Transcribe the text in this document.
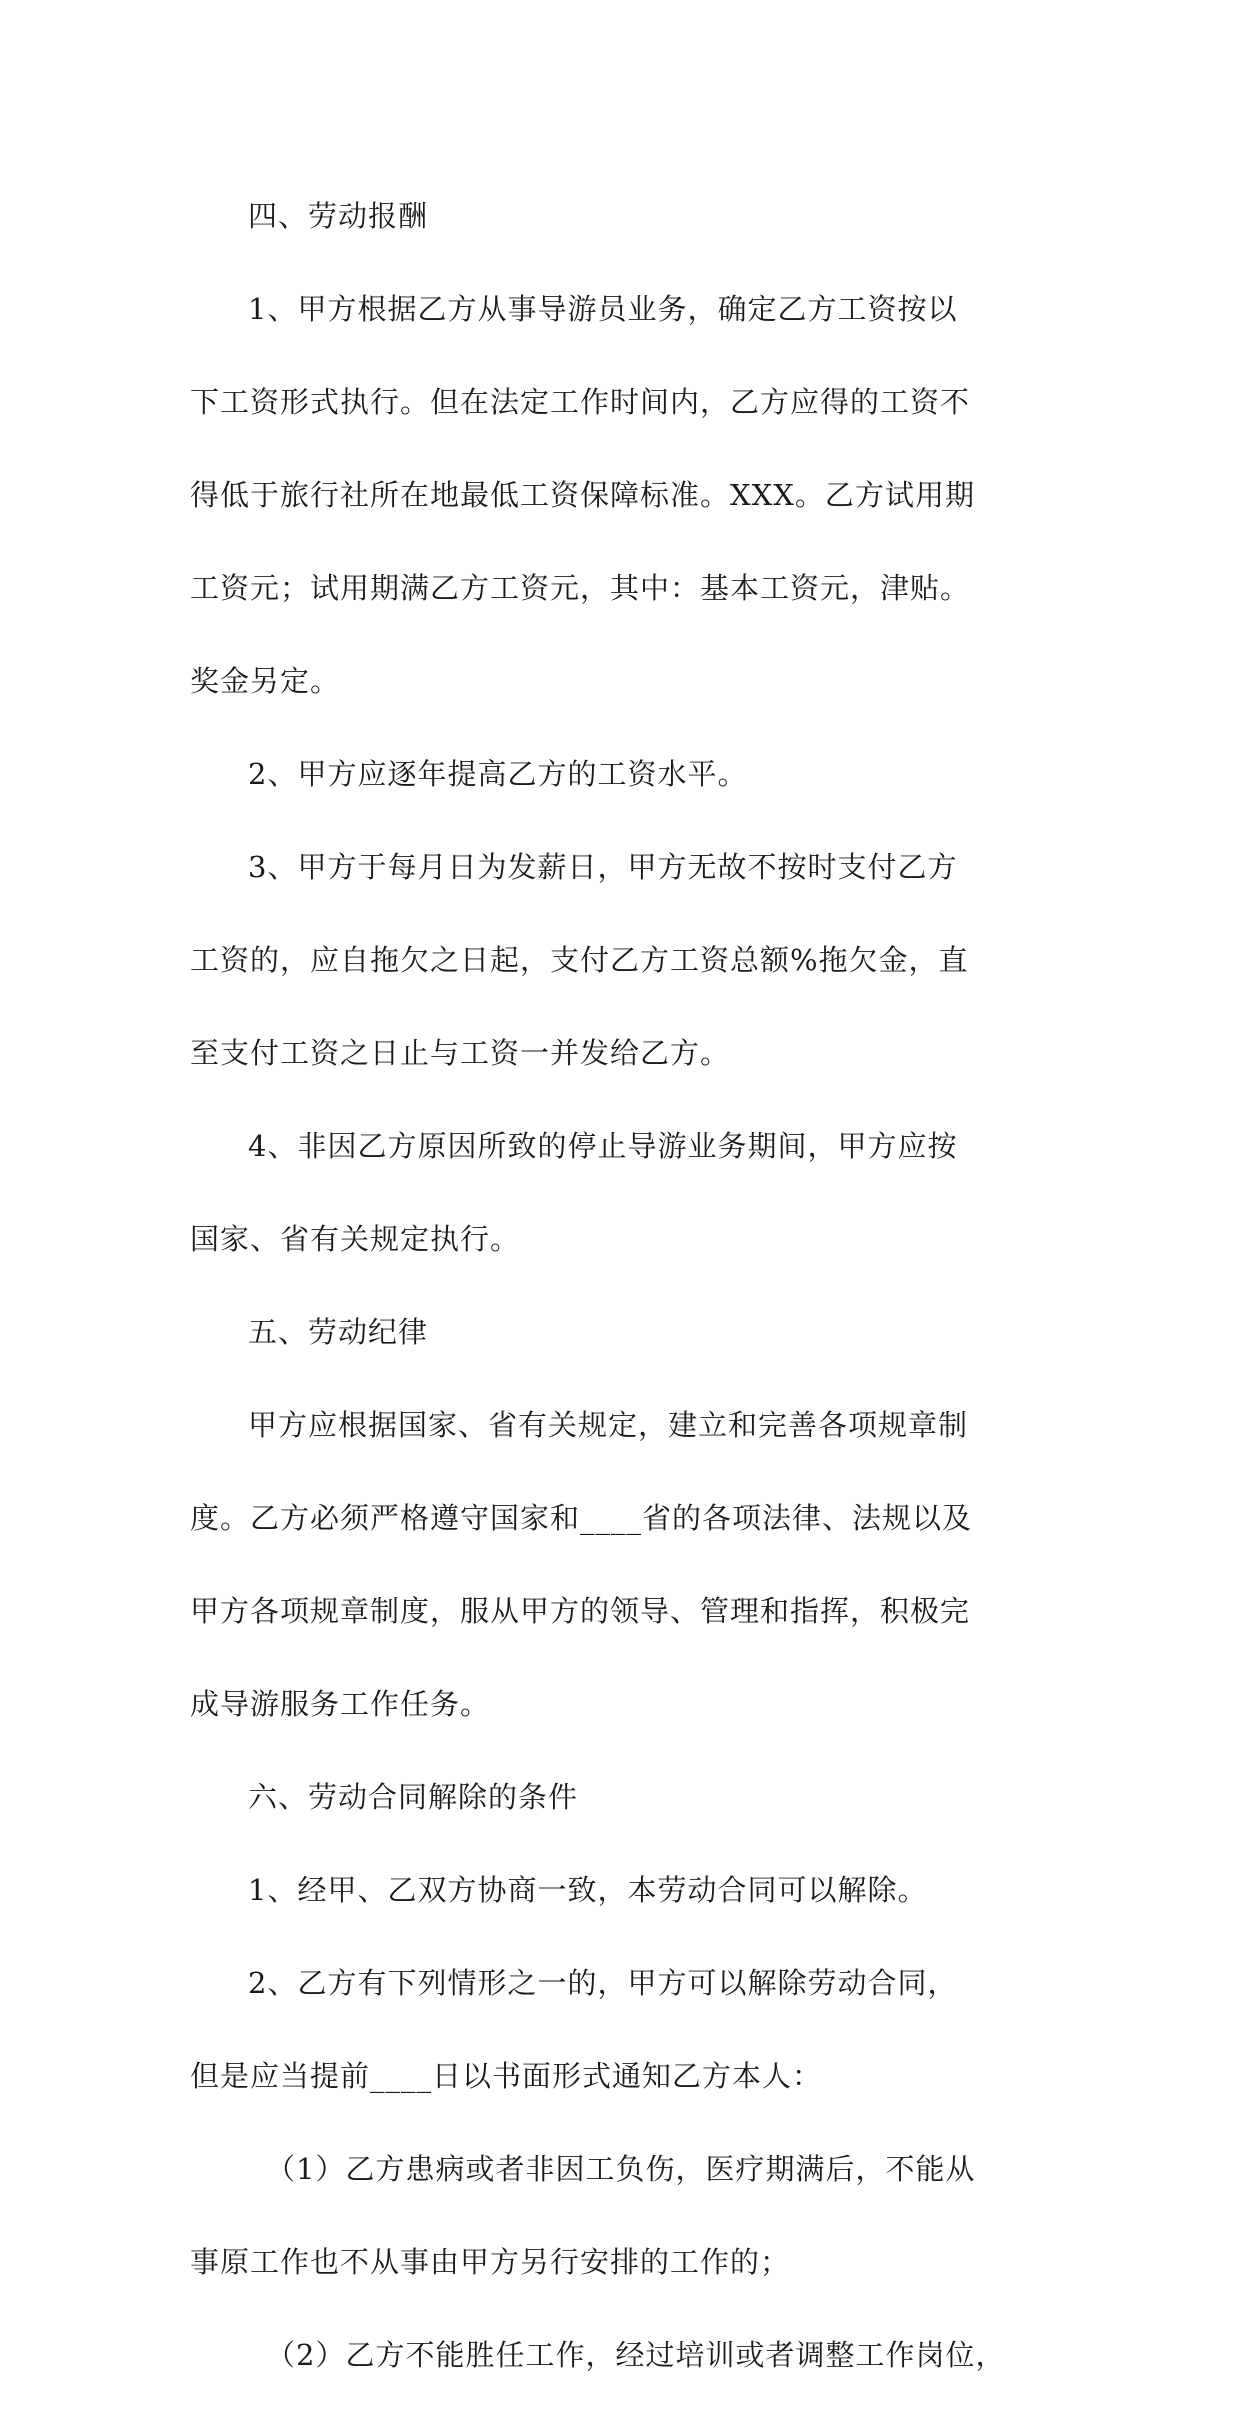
四、劳动报酬

1、甲方根据乙方从事导游员业务，确定乙方工资按以

下工资形式执行。但在法定工作时间内，乙方应得的工资不

得低于旅行社所在地最低工资保障标准。XXX。乙方试用期

工资元；试用期满乙方工资元，其中：基本工资元，津贴。

奖金另定。

2、甲方应逐年提高乙方的工资水平。

3、甲方于每月日为发薪日，甲方无故不按时支付乙方

工资的，应自拖欠之日起，支付乙方工资总额%拖欠金，直

至支付工资之日止与工资一并发给乙方。

4、非因乙方原因所致的停止导游业务期间，甲方应按

国家、省有关规定执行。

五、劳动纪律

甲方应根据国家、省有关规定，建立和完善各项规章制

度。乙方必须严格遵守国家和____省的各项法律、法规以及

甲方各项规章制度，服从甲方的领导、管理和指挥，积极完

成导游服务工作任务。

六、劳动合同解除的条件

1、经甲、乙双方协商一致，本劳动合同可以解除。

2、乙方有下列情形之一的，甲方可以解除劳动合同，

但是应当提前____日以书面形式通知乙方本人：

（1）乙方患病或者非因工负伤，医疗期满后，不能从

事原工作也不从事由甲方另行安排的工作的；

（2）乙方不能胜任工作，经过培训或者调整工作岗位，
